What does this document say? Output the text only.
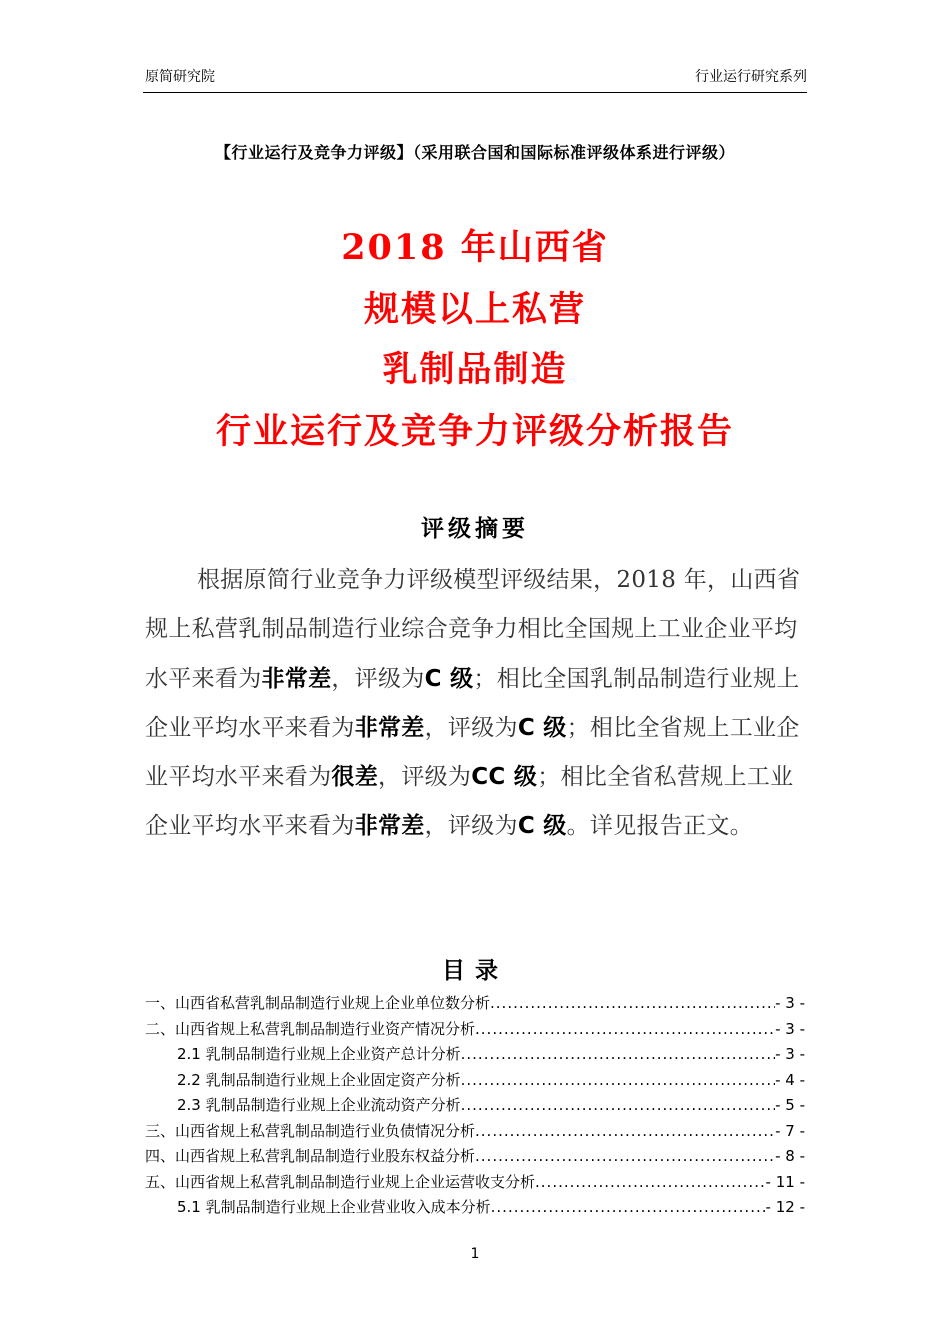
原简研究院	行业运行研究系列
【行业运行及竞争力评级】（采用联合国和国际标准评级体系进行评级）
2018 年山西省
规模以上私营
乳制品制造
行业运行及竞争力评级分析报告
评级摘要
根据原简行业竞争力评级模型评级结果，2018 年，山西省规上私营乳制品制造行业综合竞争力相比全国规上工业企业平均水平来看为非常差，评级为C 级；相比全国乳制品制造行业规上企业平均水平来看为非常差，评级为C 级；相比全省规上工业企业平均水平来看为很差，评级为CC 级；相比全省私营规上工业企业平均水平来看为非常差，评级为C 级。详见报告正文。
目录
一、山西省私营乳制品制造行业规上企业单位数分析 .....	- 3 -
二、山西省规上私营乳制品制造行业资产情况分析 .....	- 3 -
2.1 乳制品制造行业规上企业资产总计分析 .....	- 3 -
2.2 乳制品制造行业规上企业固定资产分析 .....	- 4 -
2.3 乳制品制造行业规上企业流动资产分析 .....	- 5 -
三、山西省规上私营乳制品制造行业负债情况分析 .....	- 7 -
四、山西省规上私营乳制品制造行业股东权益分析 .....	- 8 -
五、山西省规上私营乳制品制造行业规上企业运营收支分析 .....	- 11 -
5.1 乳制品制造行业规上企业营业收入成本分析 .....	- 12 -
1
